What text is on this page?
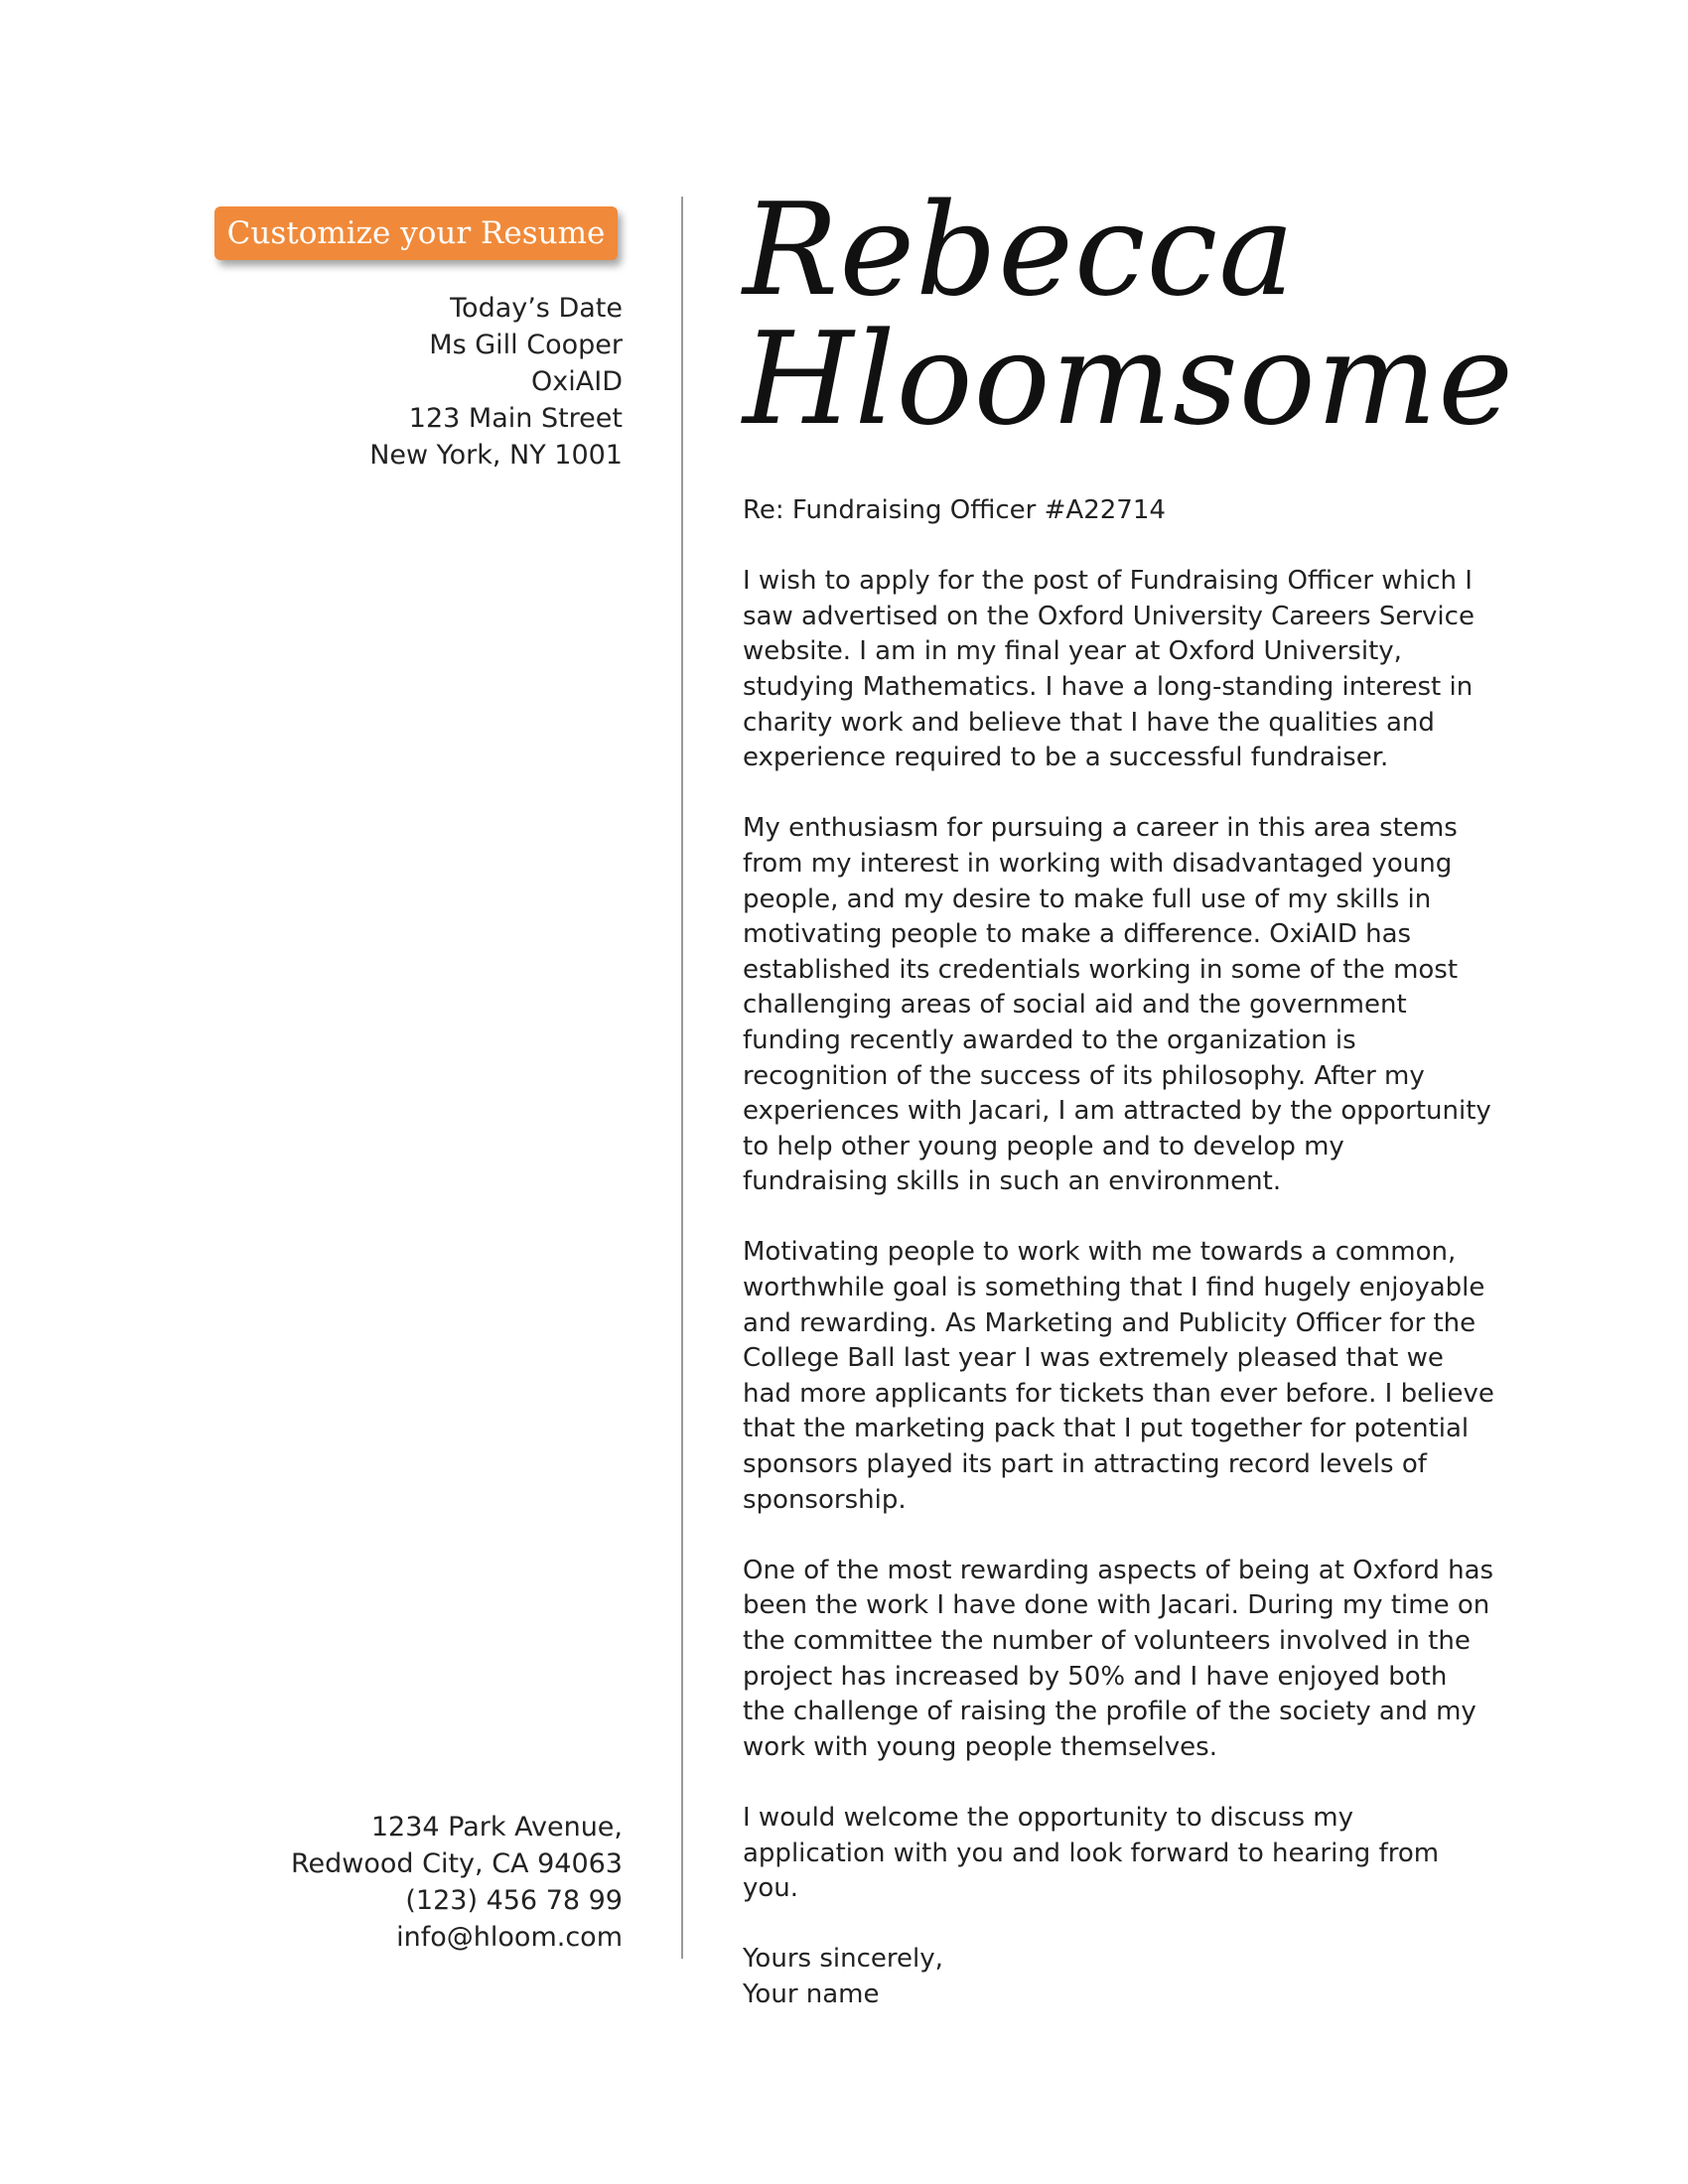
Customize your Resume
Today’s Date
Ms Gill Cooper
OxiAID
123 Main Street
New York, NY 1001
Rebecca
Hloomsome

Re: Fundraising Officer #A22714

I wish to apply for the post of Fundraising Officer which I saw advertised on the Oxford University Careers Service website. I am in my final year at Oxford University, studying Mathematics. I have a long-standing interest in charity work and believe that I have the qualities and experience required to be a successful fundraiser.

My enthusiasm for pursuing a career in this area stems from my interest in working with disadvantaged young people, and my desire to make full use of my skills in motivating people to make a difference. OxiAID has established its credentials working in some of the most challenging areas of social aid and the government funding recently awarded to the organization is recognition of the success of its philosophy. After my experiences with Jacari, I am attracted by the opportunity to help other young people and to develop my fundraising skills in such an environment.

Motivating people to work with me towards a common, worthwhile goal is something that I find hugely enjoyable and rewarding. As Marketing and Publicity Officer for the College Ball last year I was extremely pleased that we had more applicants for tickets than ever before. I believe that the marketing pack that I put together for potential sponsors played its part in attracting record levels of sponsorship.

One of the most rewarding aspects of being at Oxford has been the work I have done with Jacari. During my time on the committee the number of volunteers involved in the project has increased by 50% and I have enjoyed both the challenge of raising the profile of the society and my work with young people themselves.

I would welcome the opportunity to discuss my application with you and look forward to hearing from you.

Yours sincerely,
Your name

1234 Park Avenue,
Redwood City, CA 94063
(123) 456 78 99
info@hloom.com
